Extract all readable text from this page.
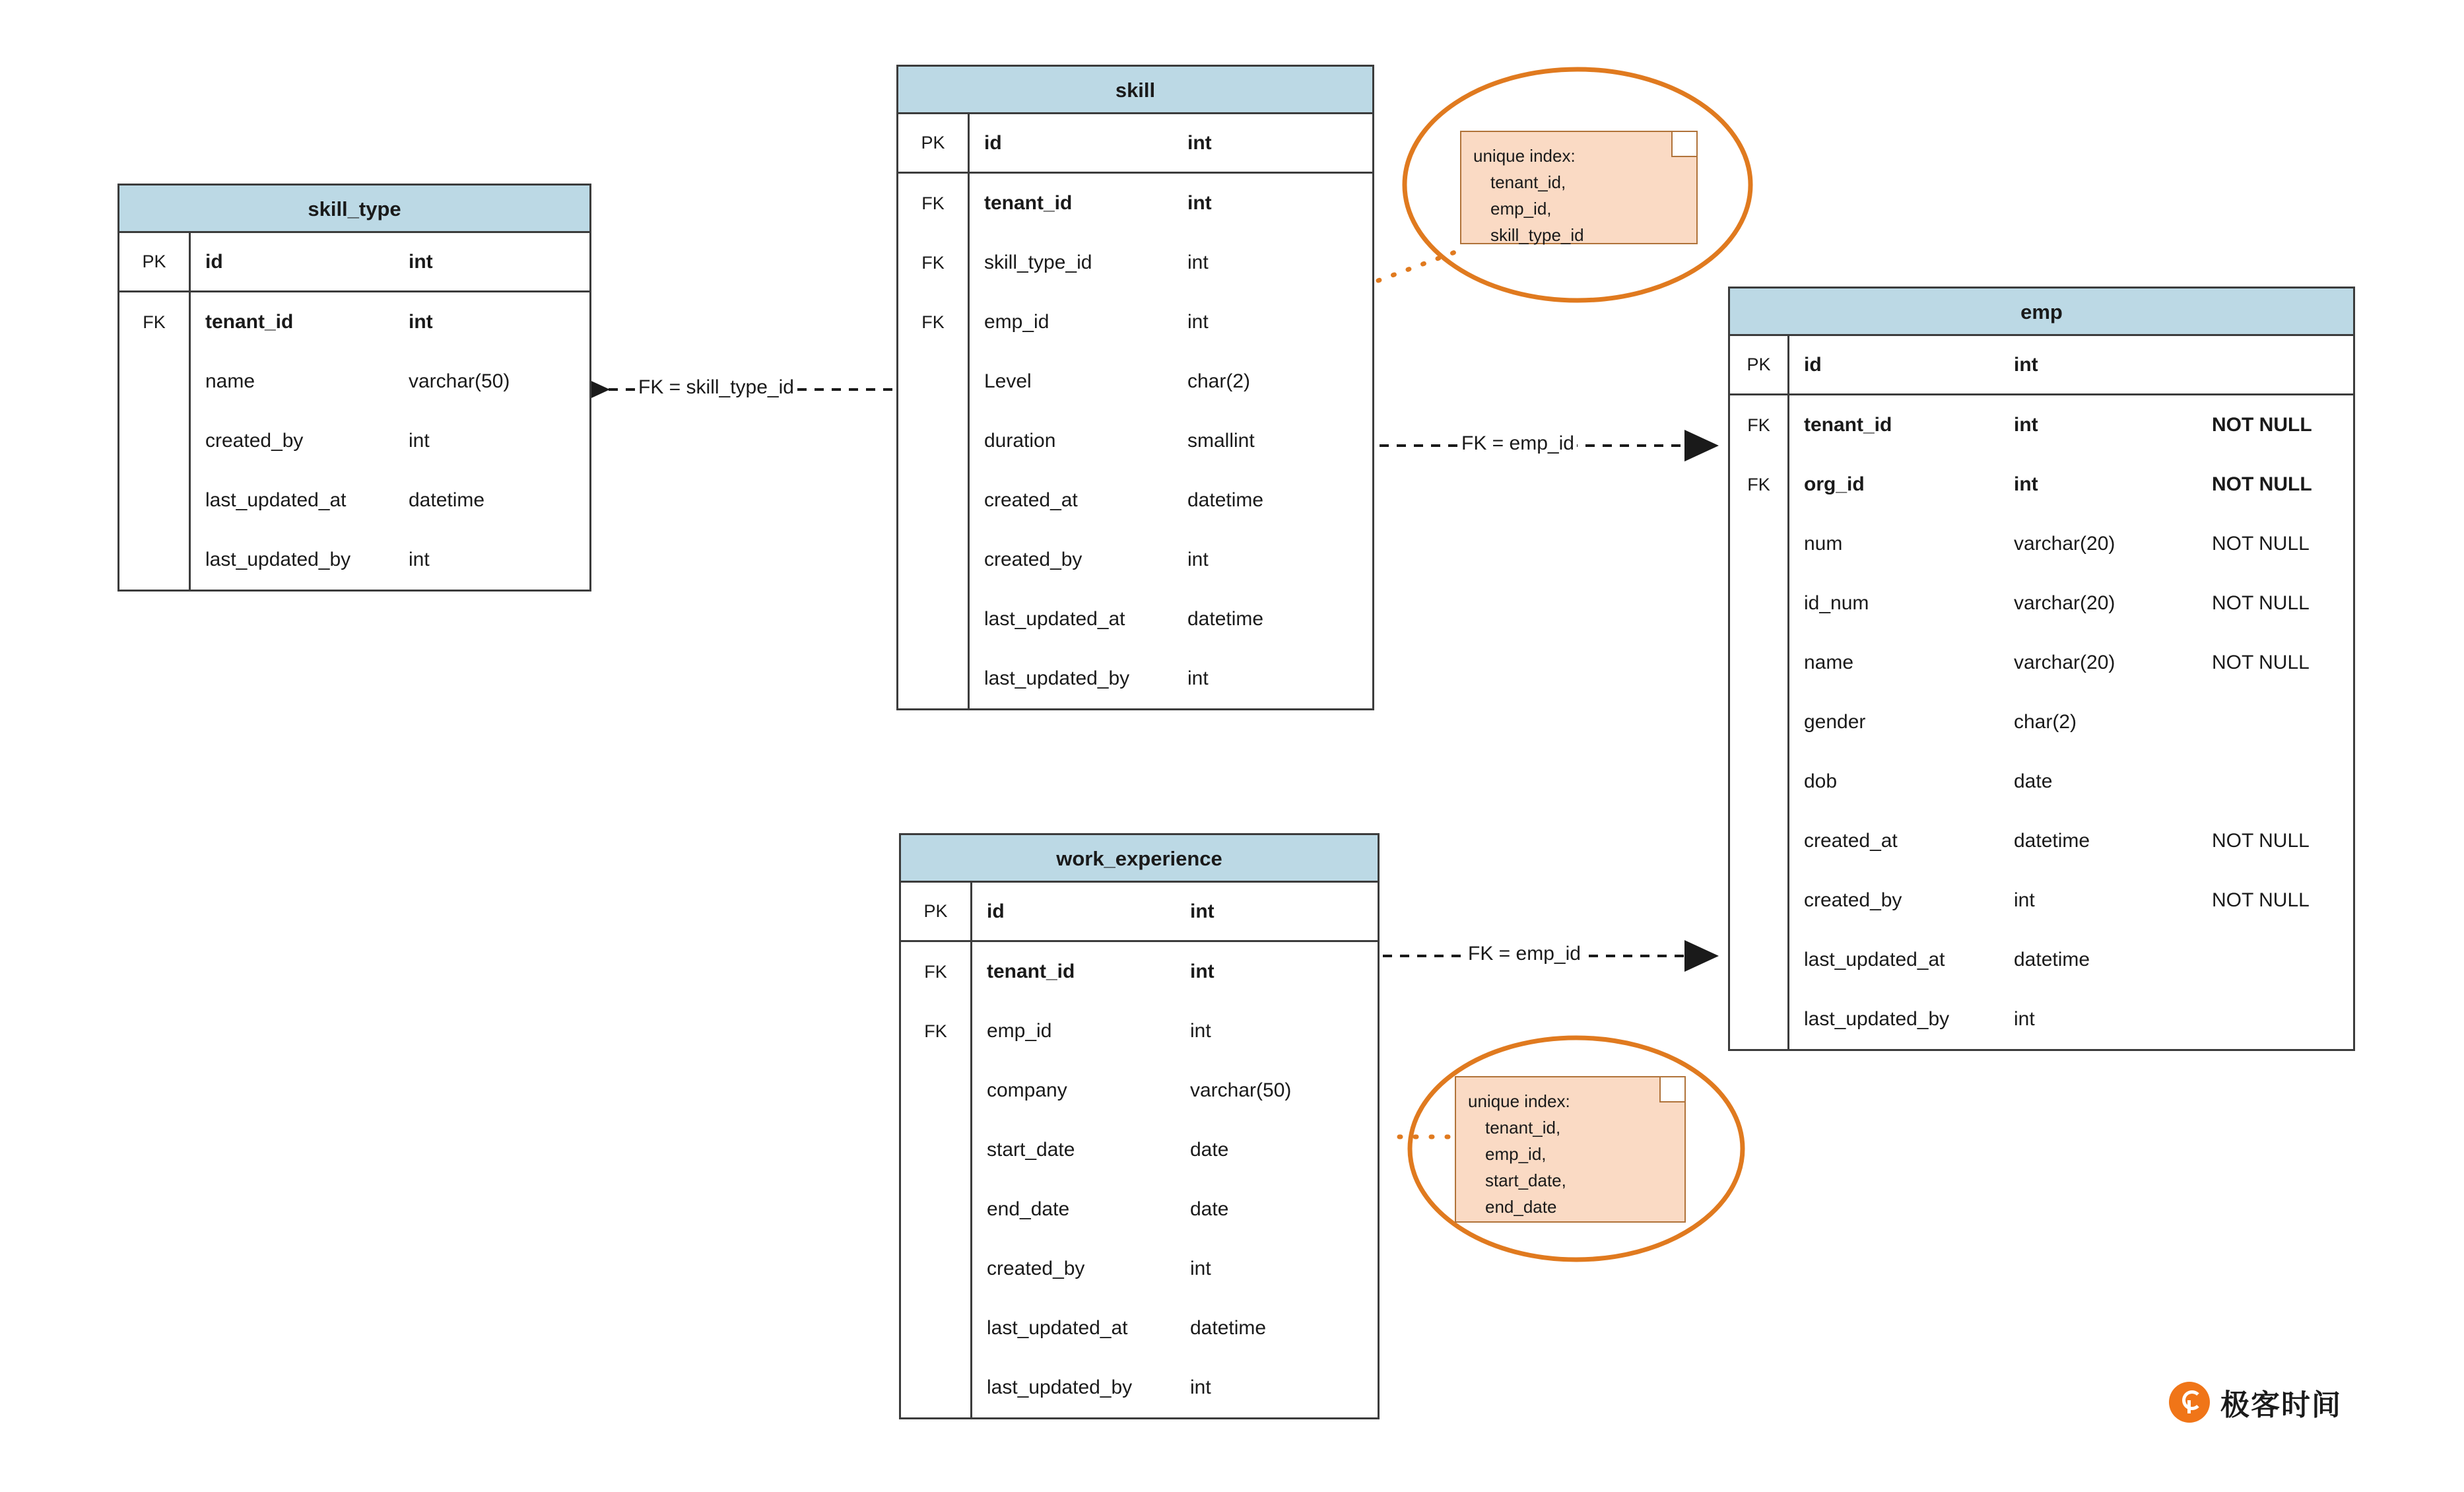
skill_type
PK	id	int
FK	tenant_id	int
name	varchar(50)
created_by	int
last_updated_at	datetime
last_updated_by	int
skill
PK	id	int
FK	tenant_id	int
FK	skill_type_id	int
FK	emp_id	int
Level	char(2)
duration	smallint
created_at	datetime
created_by	int
last_updated_at	datetime
last_updated_by	int
work_experience
PK	id	int
FK	tenant_id	int
FK	emp_id	int
company	varchar(50)
start_date	date
end_date	date
created_by	int
last_updated_at	datetime
last_updated_by	int
emp
PK	id	int
FK	tenant_id	int	NOT NULL
FK	org_id	int	NOT NULL
num	varchar(20)	NOT NULL
id_num	varchar(20)	NOT NULL
name	varchar(20)	NOT NULL
gender	char(2)
dob	date
created_at	datetime	NOT NULL
created_by	int	NOT NULL
last_updated_at	datetime
last_updated_by	int
unique index:
tenant_id,
emp_id,
skill_type_id
unique index:
tenant_id,
emp_id,
start_date,
end_date
FK = skill_type_id
FK = emp_id
FK = emp_id
极客时间
